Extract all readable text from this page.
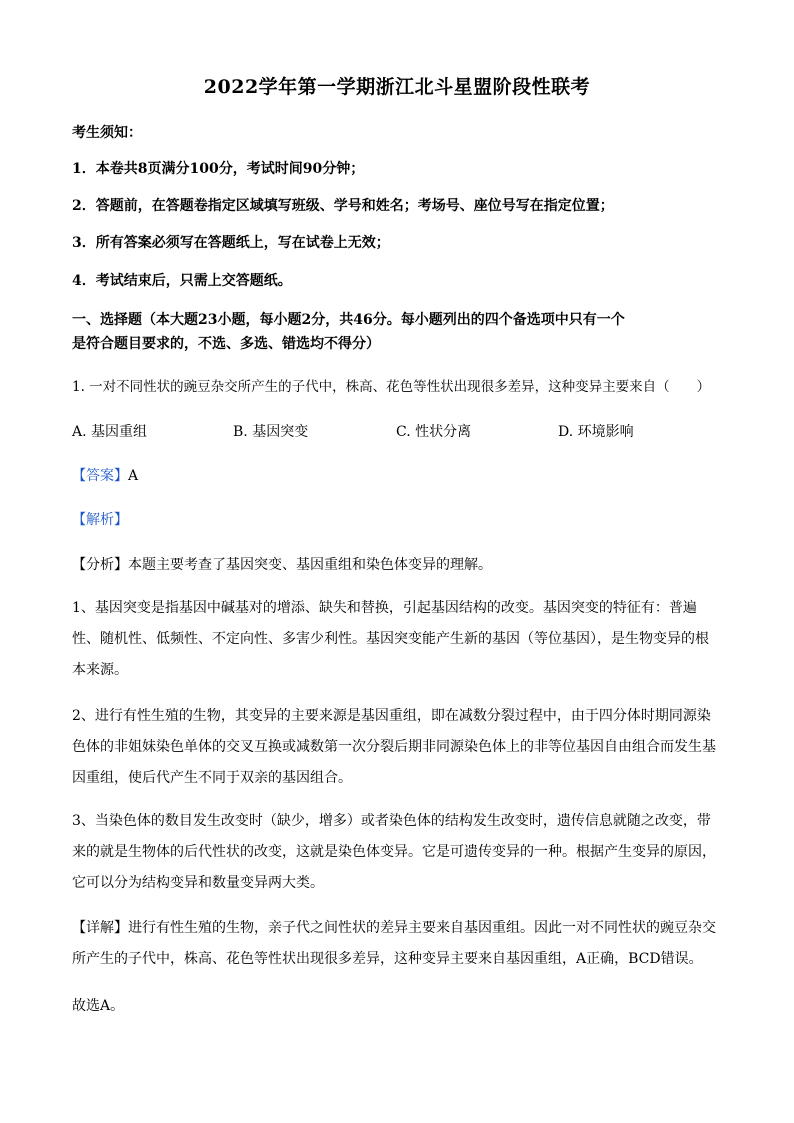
2022学年第一学期浙江北斗星盟阶段性联考
考生须知：
1．本卷共8页满分100分，考试时间90分钟；
2．答题前，在答题卷指定区域填写班级、学号和姓名；考场号、座位号写在指定位置；
3．所有答案必须写在答题纸上，写在试卷上无效；
4．考试结束后，只需上交答题纸。
一、选择题（本大题23小题，每小题2分，共46分。每小题列出的四个备选项中只有一个
是符合题目要求的，不选、多选、错选均不得分）
1. 一对不同性状的豌豆杂交所产生的子代中，株高、花色等性状出现很多差异，这种变异主要来自（　　）
A. 基因重组	B. 基因突变	C. 性状分离	D. 环境影响
【答案】A
【解析】
【分析】本题主要考查了基因突变、基因重组和染色体变异的理解。
1、基因突变是指基因中碱基对的增添、缺失和替换，引起基因结构的改变。基因突变的特征有：普遍性、随机性、低频性、不定向性、多害少利性。基因突变能产生新的基因（等位基因），是生物变异的根本来源。
2、进行有性生殖的生物，其变异的主要来源是基因重组，即在减数分裂过程中，由于四分体时期同源染色体的非姐妹染色单体的交叉互换或减数第一次分裂后期非同源染色体上的非等位基因自由组合而发生基因重组，使后代产生不同于双亲的基因组合。
3、当染色体的数目发生改变时（缺少，增多）或者染色体的结构发生改变时，遗传信息就随之改变，带来的就是生物体的后代性状的改变，这就是染色体变异。它是可遗传变异的一种。根据产生变异的原因，它可以分为结构变异和数量变异两大类。
【详解】进行有性生殖的生物，亲子代之间性状的差异主要来自基因重组。因此一对不同性状的豌豆杂交所产生的子代中，株高、花色等性状出现很多差异，这种变异主要来自基因重组，A正确，BCD错误。
故选A。
